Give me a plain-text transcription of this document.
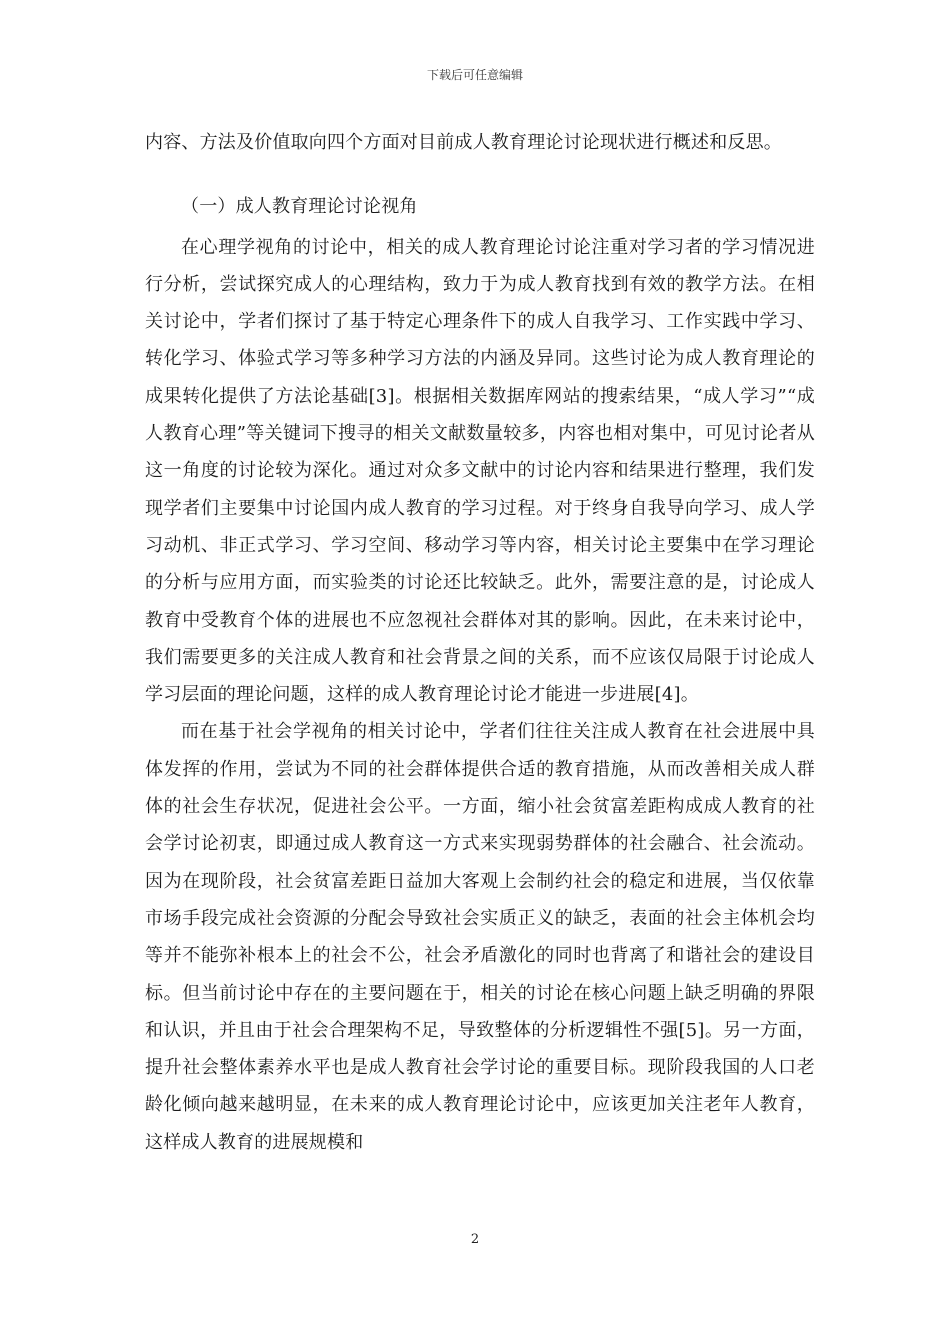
下载后可任意编辑

内容、方法及价值取向四个方面对目前成人教育理论讨论现状进行概述和反思。

（一）成人教育理论讨论视角

在心理学视角的讨论中，相关的成人教育理论讨论注重对学习者的学习情况进行分析，尝试探究成人的心理结构，致力于为成人教育找到有效的教学方法。在相关讨论中，学者们探讨了基于特定心理条件下的成人自我学习、工作实践中学习、转化学习、体验式学习等多种学习方法的内涵及异同。这些讨论为成人教育理论的成果转化提供了方法论基础[3]。根据相关数据库网站的搜索结果，“成人学习”“成人教育心理”等关键词下搜寻的相关文献数量较多，内容也相对集中，可见讨论者从这一角度的讨论较为深化。通过对众多文献中的讨论内容和结果进行整理，我们发现学者们主要集中讨论国内成人教育的学习过程。对于终身自我导向学习、成人学习动机、非正式学习、学习空间、移动学习等内容，相关讨论主要集中在学习理论的分析与应用方面，而实验类的讨论还比较缺乏。此外，需要注意的是，讨论成人教育中受教育个体的进展也不应忽视社会群体对其的影响。因此，在未来讨论中，我们需要更多的关注成人教育和社会背景之间的关系，而不应该仅局限于讨论成人学习层面的理论问题，这样的成人教育理论讨论才能进一步进展[4]。

而在基于社会学视角的相关讨论中，学者们往往关注成人教育在社会进展中具体发挥的作用，尝试为不同的社会群体提供合适的教育措施，从而改善相关成人群体的社会生存状况，促进社会公平。一方面，缩小社会贫富差距构成成人教育的社会学讨论初衷，即通过成人教育这一方式来实现弱势群体的社会融合、社会流动。因为在现阶段，社会贫富差距日益加大客观上会制约社会的稳定和进展，当仅依靠市场手段完成社会资源的分配会导致社会实质正义的缺乏，表面的社会主体机会均等并不能弥补根本上的社会不公，社会矛盾激化的同时也背离了和谐社会的建设目标。但当前讨论中存在的主要问题在于，相关的讨论在核心问题上缺乏明确的界限和认识，并且由于社会合理架构不足，导致整体的分析逻辑性不强[5]。另一方面，提升社会整体素养水平也是成人教育社会学讨论的重要目标。现阶段我国的人口老龄化倾向越来越明显，在未来的成人教育理论讨论中，应该更加关注老年人教育，这样成人教育的进展规模和

2
